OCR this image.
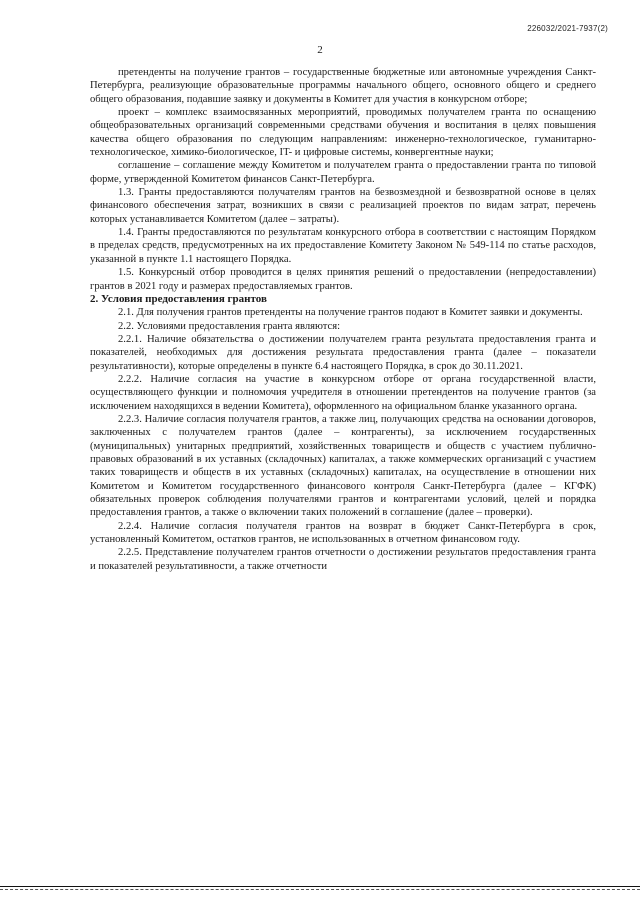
226032/2021-7937(2)
2

претенденты на получение грантов – государственные бюджетные или автономные учреждения Санкт-Петербурга, реализующие образовательные программы начального общего, основного общего и среднего общего образования, подавшие заявку и документы в Комитет для участия в конкурсном отборе;

проект – комплекс взаимосвязанных мероприятий, проводимых получателем гранта по оснащению общеобразовательных организаций современными средствами обучения и воспитания в целях повышения качества общего образования по следующим направлениям: инженерно-технологическое, гуманитарно-технологическое, химико-биологическое, IT- и цифровые системы, конвергентные науки;

соглашение – соглашение между Комитетом и получателем гранта о предоставлении гранта по типовой форме, утвержденной Комитетом финансов Санкт-Петербурга.

1.3. Гранты предоставляются получателям грантов на безвозмездной и безвозвратной основе в целях финансового обеспечения затрат, возникших в связи с реализацией проектов по видам затрат, перечень которых устанавливается Комитетом (далее – затраты).

1.4. Гранты предоставляются по результатам конкурсного отбора в соответствии с настоящим Порядком в пределах средств, предусмотренных на их предоставление Комитету Законом № 549-114 по статье расходов, указанной в пункте 1.1 настоящего Порядка.

1.5. Конкурсный отбор проводится в целях принятия решений о предоставлении (непредоставлении) грантов в 2021 году и размерах предоставляемых грантов.

2. Условия предоставления грантов

2.1. Для получения грантов претенденты на получение грантов подают в Комитет заявки и документы.

2.2. Условиями предоставления гранта являются:

2.2.1. Наличие обязательства о достижении получателем гранта результата предоставления гранта и показателей, необходимых для достижения результата предоставления гранта (далее – показатели результативности), которые определены в пункте 6.4 настоящего Порядка, в срок до 30.11.2021.

2.2.2. Наличие согласия на участие в конкурсном отборе от органа государственной власти, осуществляющего функции и полномочия учредителя в отношении претендентов на получение грантов (за исключением находящихся в ведении Комитета), оформленного на официальном бланке указанного органа.

2.2.3. Наличие согласия получателя грантов, а также лиц, получающих средства на основании договоров, заключенных с получателем грантов (далее – контрагенты), за исключением государственных (муниципальных) унитарных предприятий, хозяйственных товариществ и обществ с участием публично-правовых образований в их уставных (складочных) капиталах, а также коммерческих организаций с участием таких товариществ и обществ в их уставных (складочных) капиталах, на осуществление в отношении них Комитетом и Комитетом государственного финансового контроля Санкт-Петербурга (далее – КГФК) обязательных проверок соблюдения получателями грантов и контрагентами условий, целей и порядка предоставления грантов, а также о включении таких положений в соглашение (далее – проверки).

2.2.4. Наличие согласия получателя грантов на возврат в бюджет Санкт-Петербурга в срок, установленный Комитетом, остатков грантов, не использованных в отчетном финансовом году.

2.2.5. Представление получателем грантов отчетности о достижении результатов предоставления гранта и показателей результативности, а также отчетности
